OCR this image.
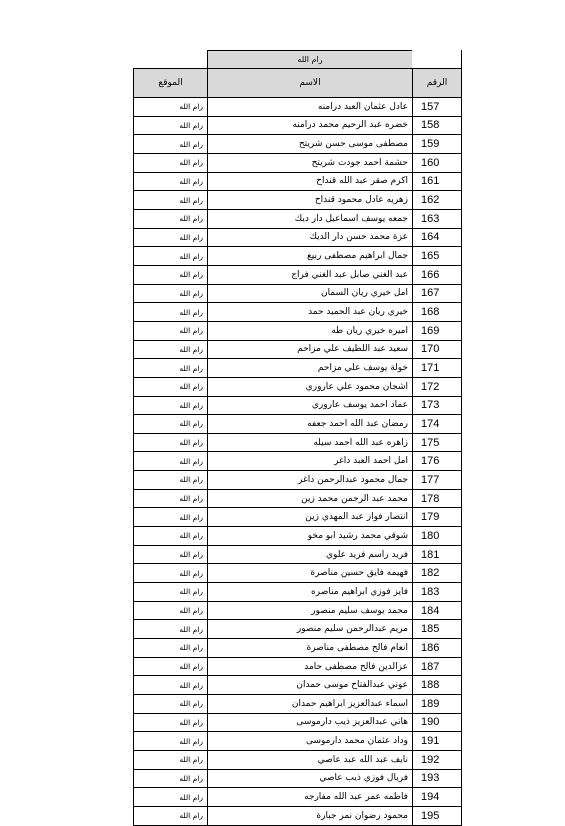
	رام الله	
الرقم	الاسم	الموقع
157	عادل عثمان العبد درامنه	رام الله
158	خضره عبد الرحيم محمد درامنه	رام الله
159	مصطفى موسى حسن شريتح	رام الله
160	حشمة احمد جودت شريتح	رام الله
161	اكرم صقر عبد الله قنداح	رام الله
162	زهريه عادل محمود قنداح	رام الله
163	جمعه يوسف اسماعيل دار ديك	رام الله
164	عزة محمد حسن دار الديك	رام الله
165	جمال ابراهيم مصطفى ربيع	رام الله
166	عبد الغني صابل عبد الغني فراج	رام الله
167	امل خيري ريان السمان	رام الله
168	خيري ريان عبد الحميد حمد	رام الله
169	اميره خيري ريان طه	رام الله
170	سعيد عبد اللطيف علي مزاحم	رام الله
171	خولة يوسف علي مزاحم	رام الله
172	اشجان محمود علي عاروري	رام الله
173	عماد احمد يوسف عاروري	رام الله
174	رمضان عبد الله احمد جعفه	رام الله
175	زاهره عبد الله احمد سيله	رام الله
176	امل احمد العبد داغر	رام الله
177	جمال محمود عبدالرحمن داغر	رام الله
178	محمد عبد الرحمن محمد زين	رام الله
179	انتصار فواز عبد المهدي زين	رام الله
180	شوقي محمد رشيد ابو مخو	رام الله
181	فريد راسم فريد علوي	رام الله
182	فهيمه فايق حسين مناصرة	رام الله
183	فايز فوزي ابراهيم مناصره	رام الله
184	محمد يوسف سليم منصور	رام الله
185	مريم عبدالرحمن سليم منصور	رام الله
186	انعام فالح مصطفى مناصرة	رام الله
187	عزالدين فالح مصطفى حامد	رام الله
188	عوني عبدالفتاح موسى حمدان	رام الله
189	اسماء عبدالعزيز ابراهيم حمدان	رام الله
190	هاني عبدالعزيز ذيب دارموسى	رام الله
191	وداد عثمان محمد دارموسى	رام الله
192	نايف عبد الله عبد عاصي	رام الله
193	فريال فوزي ذيب عاصي	رام الله
194	فاطمه عمر عبد الله مفارجه	رام الله
195	محمود رضوان نمر جبارة	رام الله
